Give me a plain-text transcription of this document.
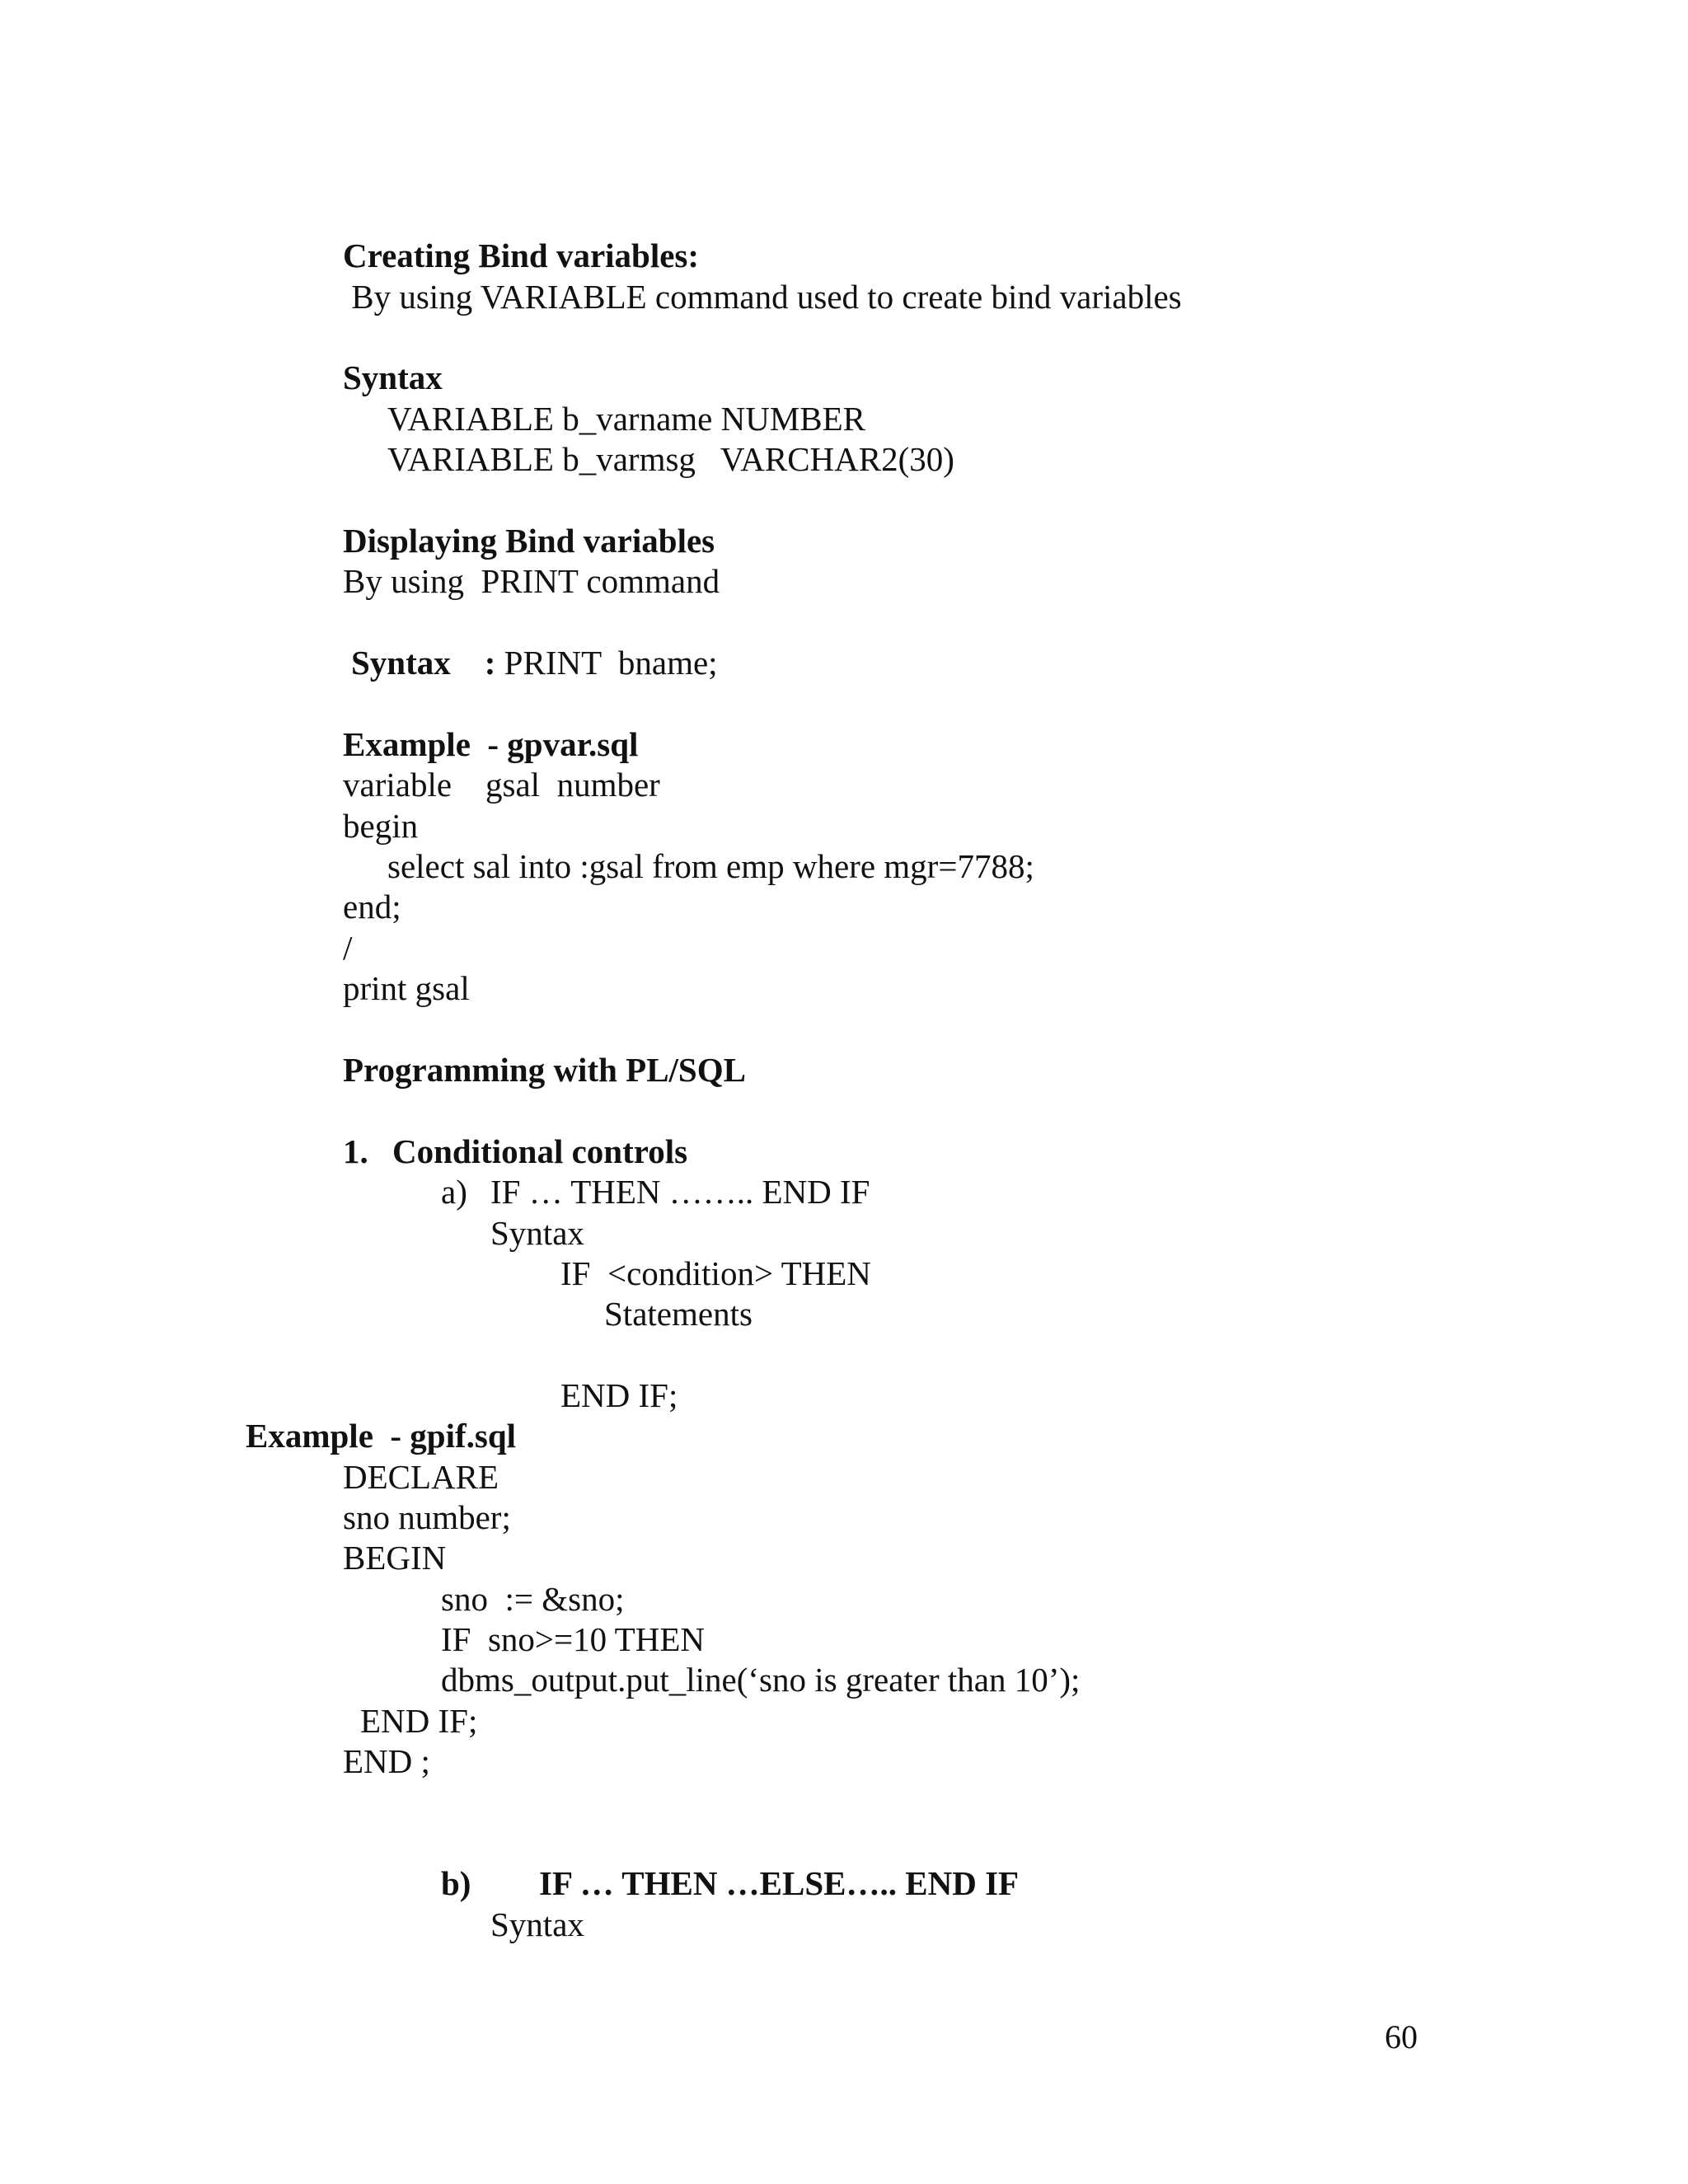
Creating Bind variables:
By using VARIABLE command used to create bind variables
Syntax
VARIABLE b_varname NUMBER
VARIABLE b_varmsg   VARCHAR2(30)
Displaying Bind variables
By using  PRINT command
Syntax    : PRINT  bname;
Example  - gpvar.sql
variable    gsal  number
begin
select sal into :gsal from emp where mgr=7788;
end;
/
print gsal
Programming with PL/SQL
1. Conditional controls
a) IF … THEN …….. END IF
Syntax
IF  <condition> THEN
Statements
END IF;
Example  - gpif.sql
DECLARE
sno number;
BEGIN
sno  := &sno;
IF  sno>=10 THEN
dbms_output.put_line(‘sno is greater than 10’);
END IF;
END ;
b) IF … THEN …ELSE….. END IF
Syntax
60
